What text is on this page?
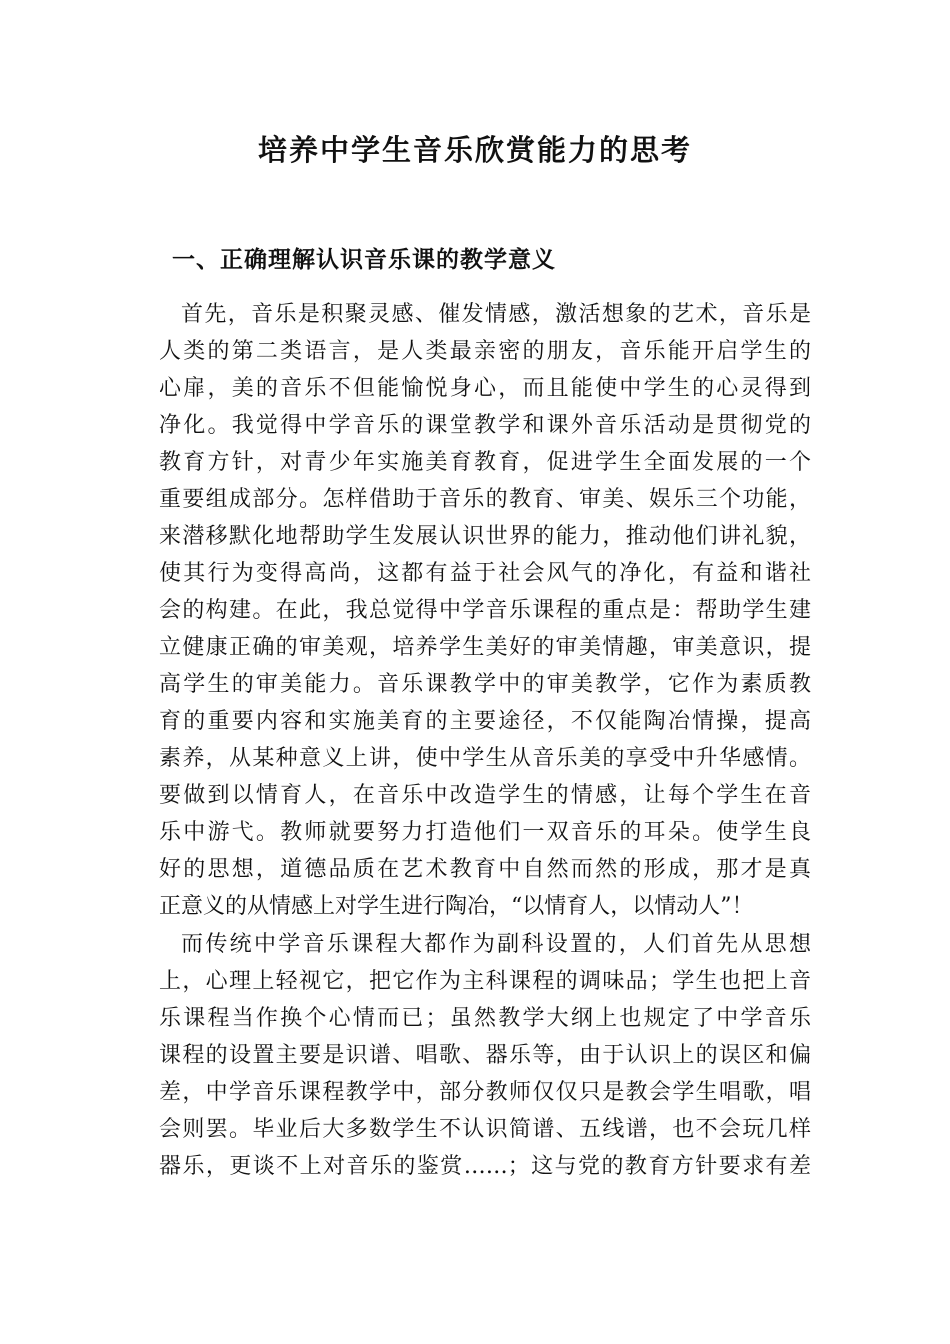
培养中学生音乐欣赏能力的思考
一、正确理解认识音乐课的教学意义
首先，音乐是积聚灵感、催发情感，激活想象的艺术，音乐是
人类的第二类语言，是人类最亲密的朋友，音乐能开启学生的
心扉，美的音乐不但能愉悦身心，而且能使中学生的心灵得到
净化。我觉得中学音乐的课堂教学和课外音乐活动是贯彻党的
教育方针，对青少年实施美育教育，促进学生全面发展的一个
重要组成部分。怎样借助于音乐的教育、审美、娱乐三个功能，
来潜移默化地帮助学生发展认识世界的能力，推动他们讲礼貌，
使其行为变得高尚，这都有益于社会风气的净化，有益和谐社
会的构建。在此，我总觉得中学音乐课程的重点是：帮助学生建
立健康正确的审美观，培养学生美好的审美情趣，审美意识，提
高学生的审美能力。音乐课教学中的审美教学，它作为素质教
育的重要内容和实施美育的主要途径，不仅能陶冶情操，提高
素养，从某种意义上讲，使中学生从音乐美的享受中升华感情。
要做到以情育人，在音乐中改造学生的情感，让每个学生在音
乐中游弋。教师就要努力打造他们一双音乐的耳朵。使学生良
好的思想，道德品质在艺术教育中自然而然的形成，那才是真
正意义的从情感上对学生进行陶冶，“以情育人，以情动人”！
而传统中学音乐课程大都作为副科设置的，人们首先从思想
上，心理上轻视它，把它作为主科课程的调味品；学生也把上音
乐课程当作换个心情而已；虽然教学大纲上也规定了中学音乐
课程的设置主要是识谱、唱歌、器乐等，由于认识上的误区和偏
差，中学音乐课程教学中，部分教师仅仅只是教会学生唱歌，唱
会则罢。毕业后大多数学生不认识简谱、五线谱，也不会玩几样
器乐，更谈不上对音乐的鉴赏……；这与党的教育方针要求有差
